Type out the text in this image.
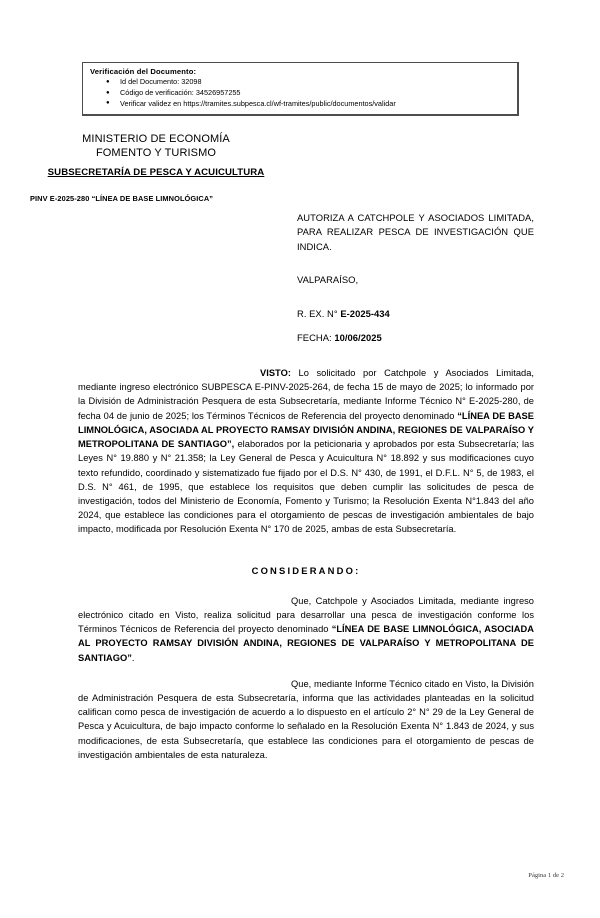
Verificación del Documento:
● Id del Documento: 32098
● Código de verificación: 34526957255
● Verificar validez en https://tramites.subpesca.cl/wf-tramites/public/documentos/validar
MINISTERIO DE ECONOMÍA
FOMENTO Y TURISMO
SUBSECRETARÍA DE PESCA Y ACUICULTURA
PINV E-2025-280 “LÍNEA DE BASE LIMNOLÓGICA”
AUTORIZA A CATCHPOLE Y ASOCIADOS LIMITADA, PARA REALIZAR PESCA DE INVESTIGACIÓN QUE INDICA.
VALPARAÍSO,
R. EX. N° E-2025-434
FECHA: 10/06/2025

VISTO: Lo solicitado por Catchpole y Asociados Limitada, mediante ingreso electrónico SUBPESCA E-PINV-2025-264, de fecha 15 de mayo de 2025; lo informado por la División de Administración Pesquera de esta Subsecretaría, mediante Informe Técnico N° E-2025-280, de fecha 04 de junio de 2025; los Términos Técnicos de Referencia del proyecto denominado “LÍNEA DE BASE LIMNOLÓGICA, ASOCIADA AL PROYECTO RAMSAY DIVISIÓN ANDINA, REGIONES DE VALPARAÍSO Y METROPOLITANA DE SANTIAGO”, elaborados por la peticionaria y aprobados por esta Subsecretaría; las Leyes N° 19.880 y N° 21.358; la Ley General de Pesca y Acuicultura N° 18.892 y sus modificaciones cuyo texto refundido, coordinado y sistematizado fue fijado por el D.S. N° 430, de 1991, el D.F.L. N° 5, de 1983, el D.S. N° 461, de 1995, que establece los requisitos que deben cumplir las solicitudes de pesca de investigación, todos del Ministerio de Economía, Fomento y Turismo; la Resolución Exenta N°1.843 del año 2024, que establece las condiciones para el otorgamiento de pescas de investigación ambientales de bajo impacto, modificada por Resolución Exenta N° 170 de 2025, ambas de esta Subsecretaría.

CONSIDERANDO:

Que, Catchpole y Asociados Limitada, mediante ingreso electrónico citado en Visto, realiza solicitud para desarrollar una pesca de investigación conforme los Términos Técnicos de Referencia del proyecto denominado “LÍNEA DE BASE LIMNOLÓGICA, ASOCIADA AL PROYECTO RAMSAY DIVISIÓN ANDINA, REGIONES DE VALPARAÍSO Y METROPOLITANA DE SANTIAGO”.

Que, mediante Informe Técnico citado en Visto, la División de Administración Pesquera de esta Subsecretaría, informa que las actividades planteadas en la solicitud califican como pesca de investigación de acuerdo a lo dispuesto en el artículo 2° N° 29 de la Ley General de Pesca y Acuicultura, de bajo impacto conforme lo señalado en la Resolución Exenta N° 1.843 de 2024, y sus modificaciones, de esta Subsecretaría, que establece las condiciones para el otorgamiento de pescas de investigación ambientales de esta naturaleza.

Página 1 de 2
